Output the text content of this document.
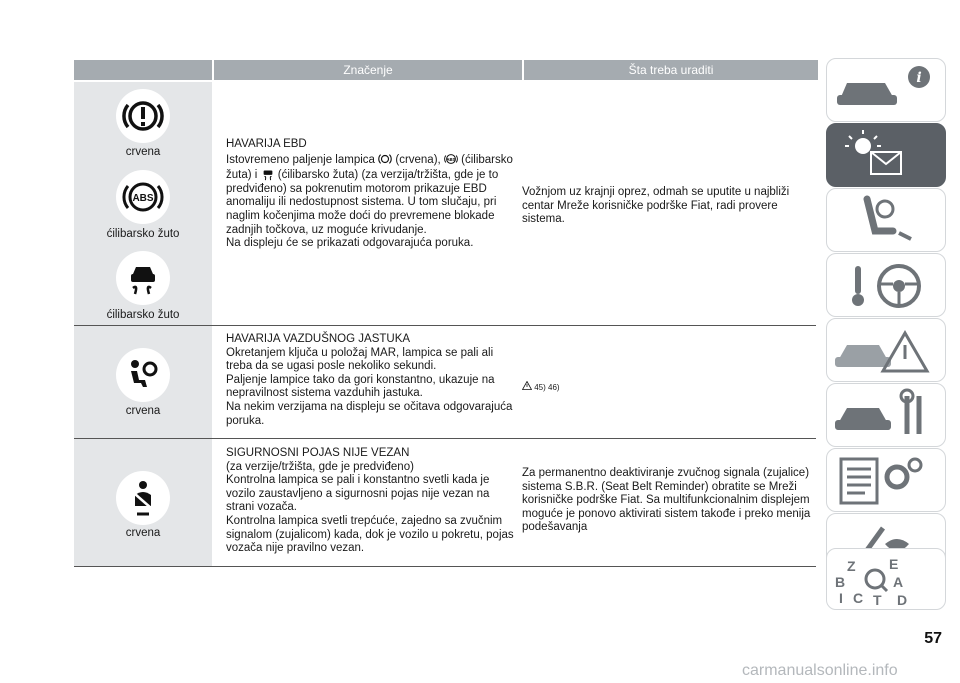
Značenje	Šta treba uraditi
crvena
ABS
ćilibarsko žuto
ćilibarsko žuto
HAVARIJA EBD
Istovremeno paljenje lampica (crvena), ABS (ćilibarsko žuta) i (ćilibarsko žuta) (za verzija/tržišta, gde je to predviđeno) sa pokrenutim motorom prikazuje EBD anomaliju ili nedostupnost sistema. U tom slučaju, pri naglim kočenjima može doći do prevremene blokade zadnjih točkova, uz moguće krivudanje.
Na displeju će se prikazati odgovarajuća poruka.
Vožnjom uz krajnji oprez, odmah se uputite u najbliži centar Mreže korisničke podrške Fiat, radi provere sistema.
crvena
HAVARIJA VAZDUŠNOG JASTUKA
Okretanjem ključa u položaj MAR, lampica se pali ali treba da se ugasi posle nekoliko sekundi.
Paljenje lampice tako da gori konstantno, ukazuje na nepravilnost sistema vazduhih jastuka.
Na nekim verzijama na displeju se očitava odgovarajuća poruka.
45) 46)
crvena
SIGURNOSNI POJAS NIJE VEZAN
(za verzije/tržišta, gde je predviđeno)
Kontrolna lampica se pali i konstantno svetli kada je vozilo zaustavljeno a sigurnosni pojas nije vezan na strani vozača.
Kontrolna lampica svetli trepćuće, zajedno sa zvučnim signalom (zujalicom) kada, dok je vozilo u pokretu, pojas vozača nije pravilno vezan.
Za permanentno deaktiviranje zvučnog signala (zujalice) sistema S.B.R. (Seat Belt Reminder) obratite se Mreži korisničke podrške Fiat. Sa multifunkcionalnim displejem moguće je ponovo aktivirati sistem takođe i preko menija podešavanja
i
Z E
A
B
C D
I T
57
carmanualsonline.info
